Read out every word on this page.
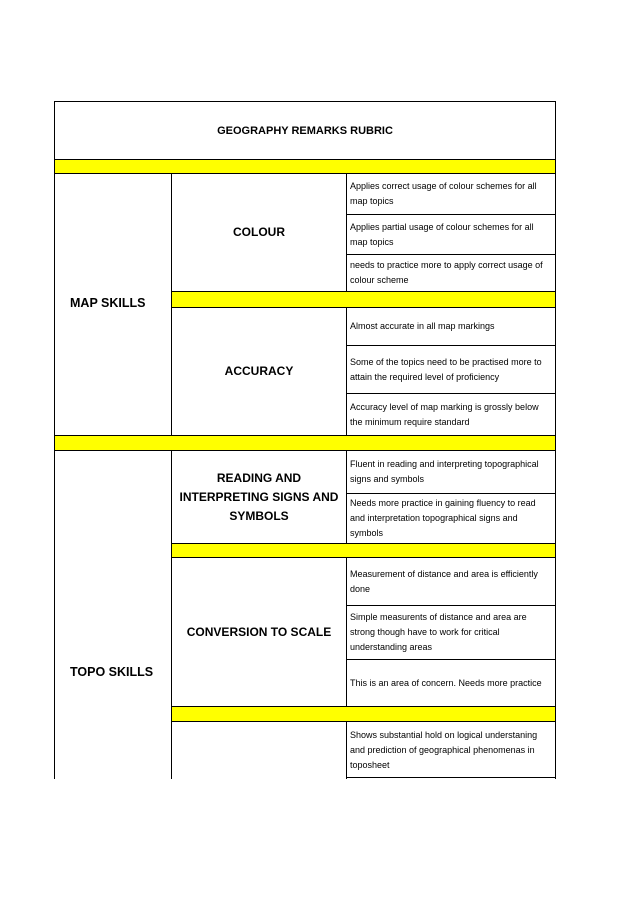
GEOGRAPHY REMARKS RUBRIC
MAP SKILLS
COLOUR
Applies correct usage of colour schemes for all map topics
Applies partial usage of colour schemes for all map topics
needs to practice more to apply correct usage of colour scheme
ACCURACY
Almost accurate in all map markings
Some of the topics need to be practised more to attain the required level of proficiency
Accuracy level of map marking is grossly below the minimum require standard
TOPO SKILLS
READING AND INTERPRETING SIGNS AND SYMBOLS
Fluent in reading and interpreting topographical signs and symbols
Needs more practice in gaining fluency to read and interpretation topographical signs and symbols
CONVERSION TO SCALE
Measurement of distance and area is efficiently done
Simple measurents of distance and area are strong though have to work for critical understanding areas
This is an area of concern. Needs more practice
Shows substantial hold on logical understaning and prediction of geographical phenomenas in toposheet
